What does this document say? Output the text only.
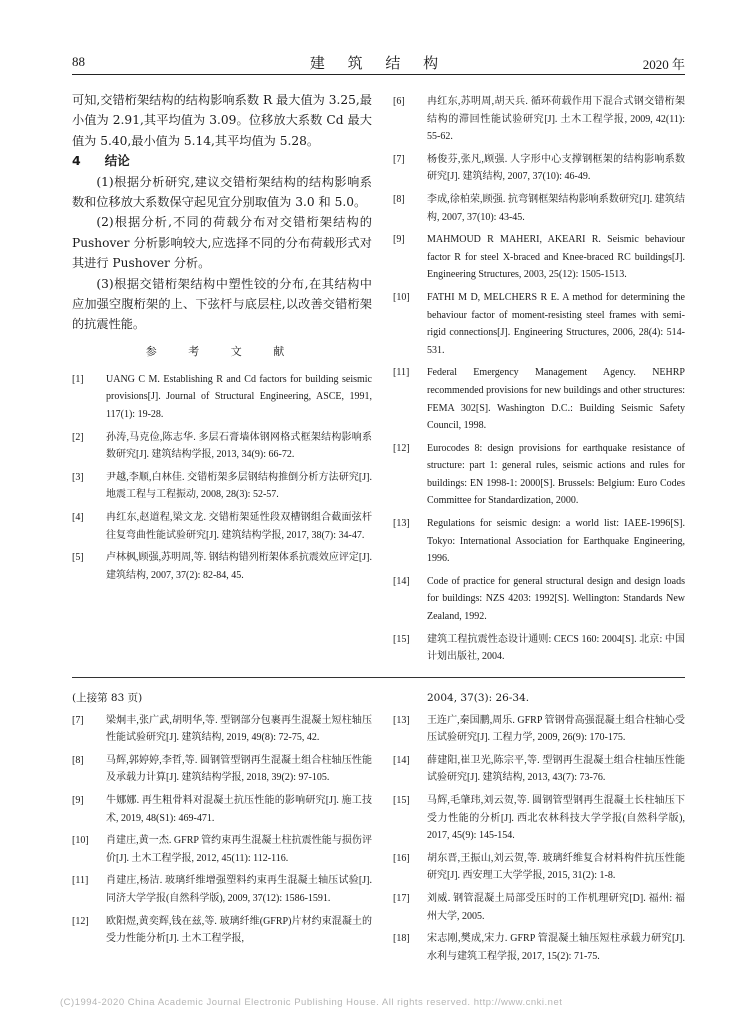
88	建 筑 结 构	2020 年

可知,交错桁架结构的结构影响系数 R 最大值为 3.25,最小值为 2.91,其平均值为 3.09。位移放大系数 Cd 最大值为 5.40,最小值为 5.14,其平均值为 5.28。

4 结论

(1)根据分析研究,建议交错桁架结构的结构影响系数和位移放大系数保守起见宜分别取值为 3.0 和 5.0。

(2)根据分析,不同的荷载分布对交错桁架结构的 Pushover 分析影响较大,应选择不同的分布荷载形式对其进行 Pushover 分析。

(3)根据交错桁架结构中塑性铰的分布,在其结构中应加强空腹桁架的上、下弦杆与底层柱,以改善交错桁架的抗震性能。

参 考 文 献

[1] UANG C M. Establishing R and Cd factors for building seismic provisions[J]. Journal of Structural Engineering, ASCE, 1991, 117(1): 19-28.

[2] 孙涛,马克俭,陈志华. 多层石膏墙体钢网格式框架结构影响系数研究[J]. 建筑结构学报, 2013, 34(9): 66-72.

[3] 尹越,李顺,白林佳. 交错桁架多层钢结构推倒分析方法研究[J]. 地震工程与工程振动, 2008, 28(3): 52-57.

[4] 冉红东,赵道程,梁文龙. 交错桁架延性段双槽钢组合截面弦杆往复弯曲性能试验研究[J]. 建筑结构学报, 2017, 38(7): 34-47.

[5] 卢林枫,顾强,苏明周,等. 钢结构错列桁架体系抗震效应评定[J]. 建筑结构, 2007, 37(2): 82-84, 45.

[6] 冉红东,苏明周,胡天兵. 循环荷载作用下混合式钢交错桁架结构的滞回性能试验研究[J]. 土木工程学报, 2009, 42(11): 55-62.

[7] 杨俊芬,张凡,顾强. 人字形中心支撑钢框架的结构影响系数研究[J]. 建筑结构, 2007, 37(10): 46-49.

[8] 李成,徐柏荣,顾强. 抗弯钢框架结构影响系数研究[J]. 建筑结构, 2007, 37(10): 43-45.

[9] MAHMOUD R MAHERI, AKEARI R. Seismic behaviour factor R for steel X-braced and Knee-braced RC buildings[J]. Engineering Structures, 2003, 25(12): 1505-1513.

[10] FATHI M D, MELCHERS R E. A method for determining the behaviour factor of moment-resisting steel frames with semi-rigid connections[J]. Engineering Structures, 2006, 28(4): 514-531.

[11] Federal Emergency Management Agency. NEHRP recommended provisions for new buildings and other structures: FEMA 302[S]. Washington D.C.: Building Seismic Safety Council, 1998.

[12] Eurocodes 8: design provisions for earthquake resistance of structure: part 1: general rules, seismic actions and rules for buildings: EN 1998-1: 2000[S]. Brussels: Belgium: Euro Codes Committee for Standardization, 2000.

[13] Regulations for seismic design: a world list: IAEE-1996[S]. Tokyo: International Association for Earthquake Engineering, 1996.

[14] Code of practice for general structural design and design loads for buildings: NZS 4203: 1992[S]. Wellington: Standards New Zealand, 1992.

[15] 建筑工程抗震性态设计通则: CECS 160: 2004[S]. 北京: 中国计划出版社, 2004.

(上接第 83 页)

[7] 梁炯丰,张广武,胡明华,等. 型钢部分包裹再生混凝土短柱轴压性能试验研究[J]. 建筑结构, 2019, 49(8): 72-75, 42.

[8] 马辉,郭婷婷,李哲,等. 圆钢管型钢再生混凝土组合柱轴压性能及承载力计算[J]. 建筑结构学报, 2018, 39(2): 97-105.

[9] 牛娜娜. 再生粗骨料对混凝土抗压性能的影响研究[J]. 施工技术, 2019, 48(S1): 469-471.

[10] 肖建庄,黄一杰. GFRP 管约束再生混凝土柱抗震性能与损伤评价[J]. 土木工程学报, 2012, 45(11): 112-116.

[11] 肖建庄,杨洁. 玻璃纤维增强塑料约束再生混凝土轴压试验[J]. 同济大学学报(自然科学版), 2009, 37(12): 1586-1591.

[12] 欧阳煜,黄奕辉,钱在兹,等. 玻璃纤维(GFRP)片材约束混凝土的受力性能分析[J]. 土木工程学报,

2004, 37(3): 26-34.

[13] 王连广,秦国鹏,周乐. GFRP 管钢骨高强混凝土组合柱轴心受压试验研究[J]. 工程力学, 2009, 26(9): 170-175.

[14] 薛建阳,崔卫光,陈宗平,等. 型钢再生混凝土组合柱轴压性能试验研究[J]. 建筑结构, 2013, 43(7): 73-76.

[15] 马辉,毛肇玮,刘云贺,等. 圆钢管型钢再生混凝土长柱轴压下受力性能的分析[J]. 西北农林科技大学学报(自然科学版), 2017, 45(9): 145-154.

[16] 胡东晋,王振山,刘云贺,等. 玻璃纤维复合材料构件抗压性能研究[J]. 西安理工大学学报, 2015, 31(2): 1-8.

[17] 刘威. 钢管混凝土局部受压时的工作机理研究[D]. 福州: 福州大学, 2005.

[18] 宋志刚,樊成,宋力. GFRP 管混凝土轴压短柱承载力研究[J]. 水利与建筑工程学报, 2017, 15(2): 71-75.

(C)1994-2020 China Academic Journal Electronic Publishing House. All rights reserved. http://www.cnki.net
